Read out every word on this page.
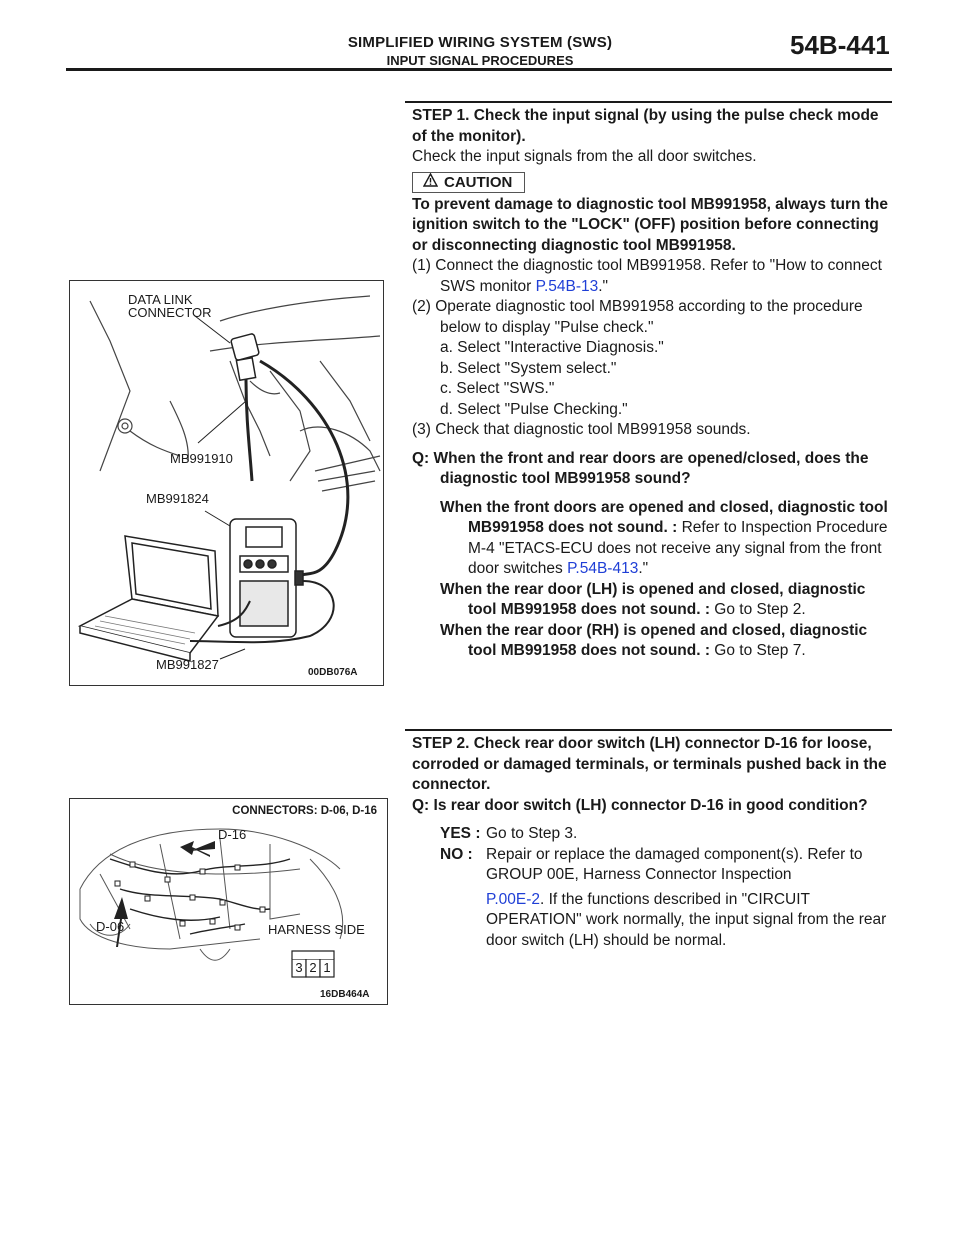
SIMPLIFIED WIRING SYSTEM (SWS)
INPUT SIGNAL PROCEDURES
54B-441
STEP 1. Check the input signal (by using the pulse check mode of the monitor).
Check the input signals from the all door switches.
CAUTION
To prevent damage to diagnostic tool MB991958, always turn the ignition switch to the "LOCK" (OFF) position before connecting or disconnecting diagnostic tool MB991958.
(1) Connect the diagnostic tool MB991958. Refer to "How to connect SWS monitor P.54B-13."
(2) Operate diagnostic tool MB991958 according to the procedure below to display "Pulse check."
a. Select "Interactive Diagnosis."
b. Select "System select."
c. Select "SWS."
d. Select "Pulse Checking."
(3) Check that diagnostic tool MB991958 sounds.
Q: When the front and rear doors are opened/closed, does the diagnostic tool MB991958 sound?
When the front doors are opened and closed, diagnostic tool MB991958 does not sound. : Refer to Inspection Procedure M-4 "ETACS-ECU does not receive any signal from the front door switches P.54B-413."
When the rear door (LH) is opened and closed, diagnostic tool MB991958 does not sound. : Go to Step 2.
When the rear door (RH) is opened and closed, diagnostic tool MB991958 does not sound. : Go to Step 7.
STEP 2. Check rear door switch (LH) connector D-16 for loose, corroded or damaged terminals, or terminals pushed back in the connector.
Q: Is rear door switch (LH) connector D-16 in good condition?
YES : Go to Step 3.
NO : Repair or replace the damaged component(s). Refer to GROUP 00E, Harness Connector Inspection
P.00E-2. If the functions described in "CIRCUIT OPERATION" work normally, the input signal from the rear door switch (LH) should be normal.
DATA LINK CONNECTOR
MB991910
MB991824
MB991827
00DB076A
CONNECTORS: D-06, D-16
D-16
D-06	HARNESS SIDE
3 2 1
16DB464A
